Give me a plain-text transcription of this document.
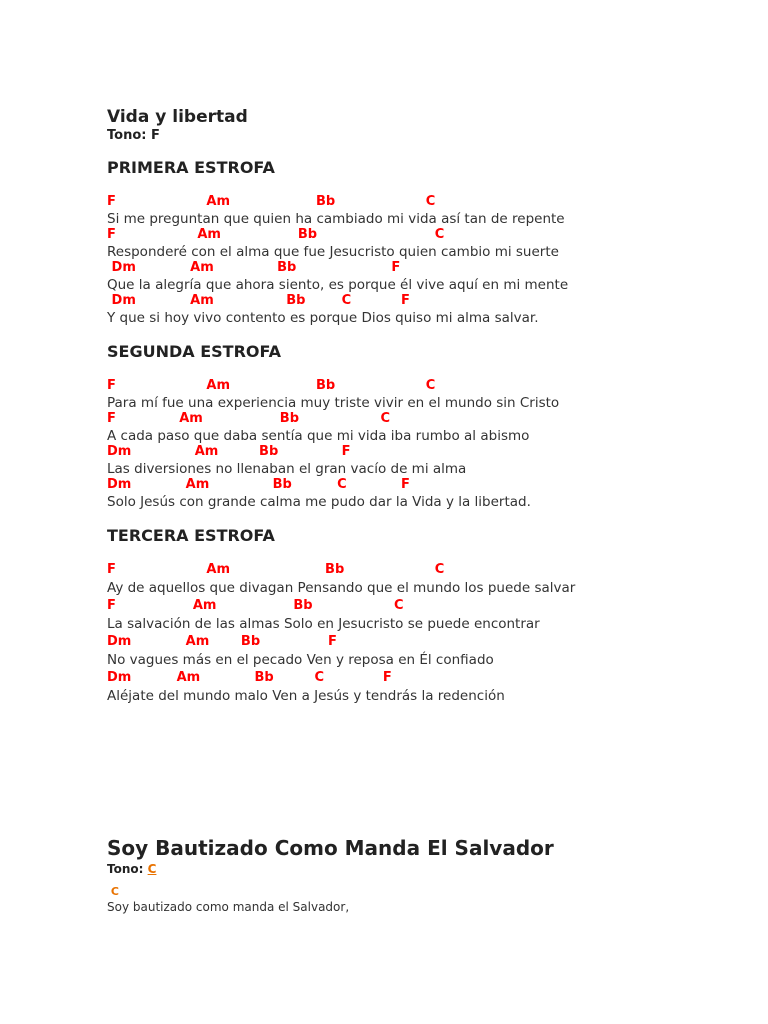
Vida y libertad
Tono: F
PRIMERA ESTROFA
F                    Am                   Bb                    C
Si me preguntan que quien ha cambiado mi vida así tan de repente
F                  Am                 Bb                          C
Responderé con el alma que fue Jesucristo quien cambio mi suerte
Dm            Am              Bb                     F
Que la alegría que ahora siento, es porque él vive aquí en mi mente
Dm            Am                Bb        C           F
Y que si hoy vivo contento es porque Dios quiso mi alma salvar.
SEGUNDA ESTROFA
F                    Am                   Bb                    C
Para mí fue una experiencia muy triste vivir en el mundo sin Cristo
F              Am                 Bb                  C
A cada paso que daba sentía que mi vida iba rumbo al abismo
Dm              Am         Bb              F
Las diversiones no llenaban el gran vacío de mi alma
Dm            Am              Bb          C            F
Solo Jesús con grande calma me pudo dar la Vida y la libertad.
TERCERA ESTROFA
F                    Am                     Bb                    C
Ay de aquellos que divagan Pensando que el mundo los puede salvar
F                 Am                 Bb                  C
La salvación de las almas Solo en Jesucristo se puede encontrar
Dm            Am       Bb               F
No vagues más en el pecado Ven y reposa en Él confiado
Dm          Am            Bb         C             F
Aléjate del mundo malo Ven a Jesús y tendrás la redención
Soy Bautizado Como Manda El Salvador
Tono: C
C
Soy bautizado como manda el Salvador,
